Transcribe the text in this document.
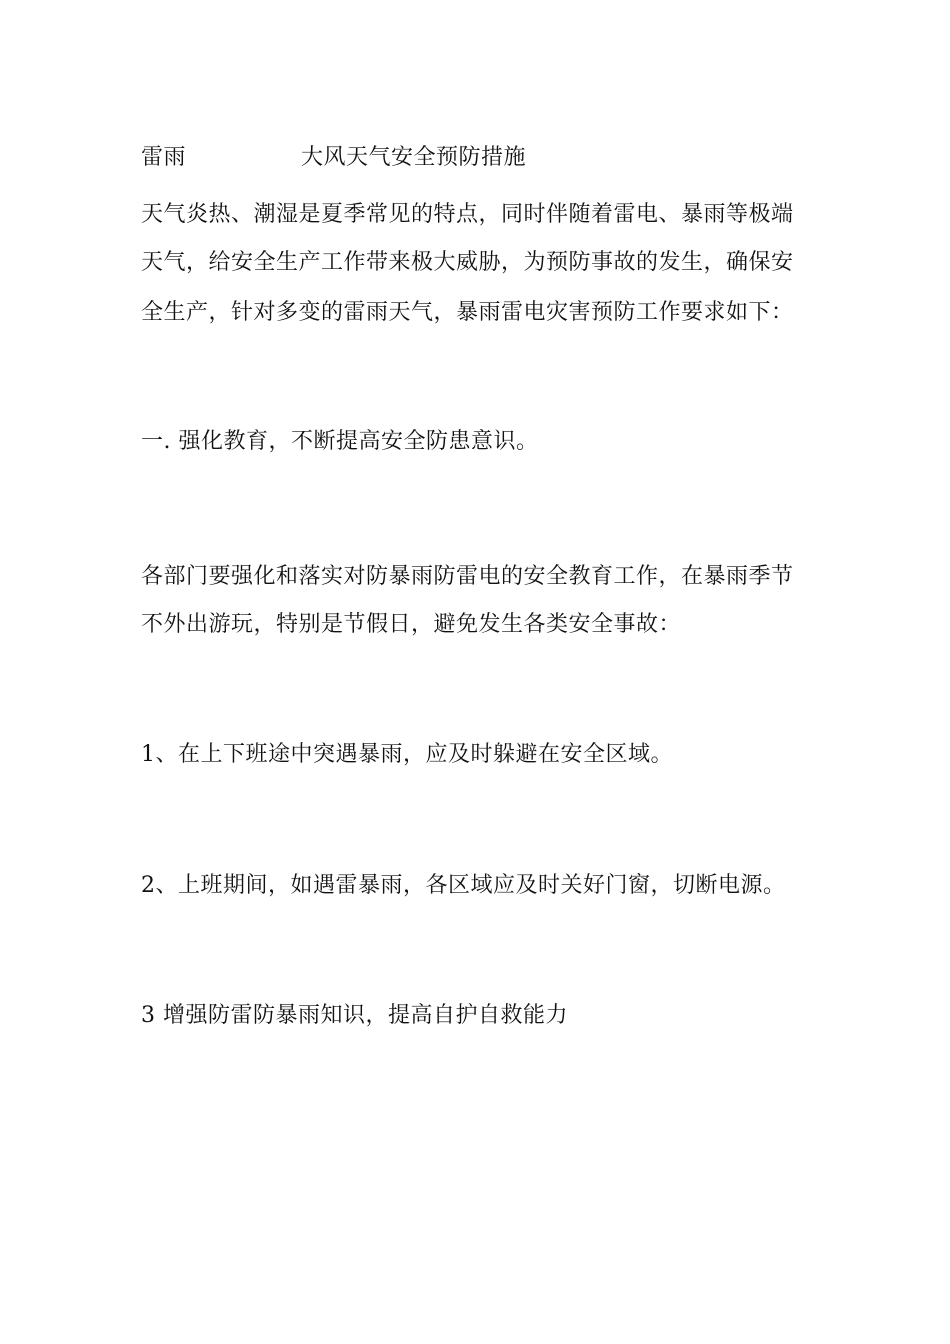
雷雨	大风天气安全预防措施
天气炎热、潮湿是夏季常见的特点，同时伴随着雷电、暴雨等极端
天气，给安全生产工作带来极大威胁，为预防事故的发生，确保安
全生产，针对多变的雷雨天气，暴雨雷电灾害预防工作要求如下：
一. 强化教育，不断提高安全防患意识。
各部门要强化和落实对防暴雨防雷电的安全教育工作，在暴雨季节
不外出游玩，特别是节假日，避免发生各类安全事故：
1、在上下班途中突遇暴雨，应及时躲避在安全区域。
2、上班期间，如遇雷暴雨，各区域应及时关好门窗，切断电源。
3 增强防雷防暴雨知识，提高自护自救能力
